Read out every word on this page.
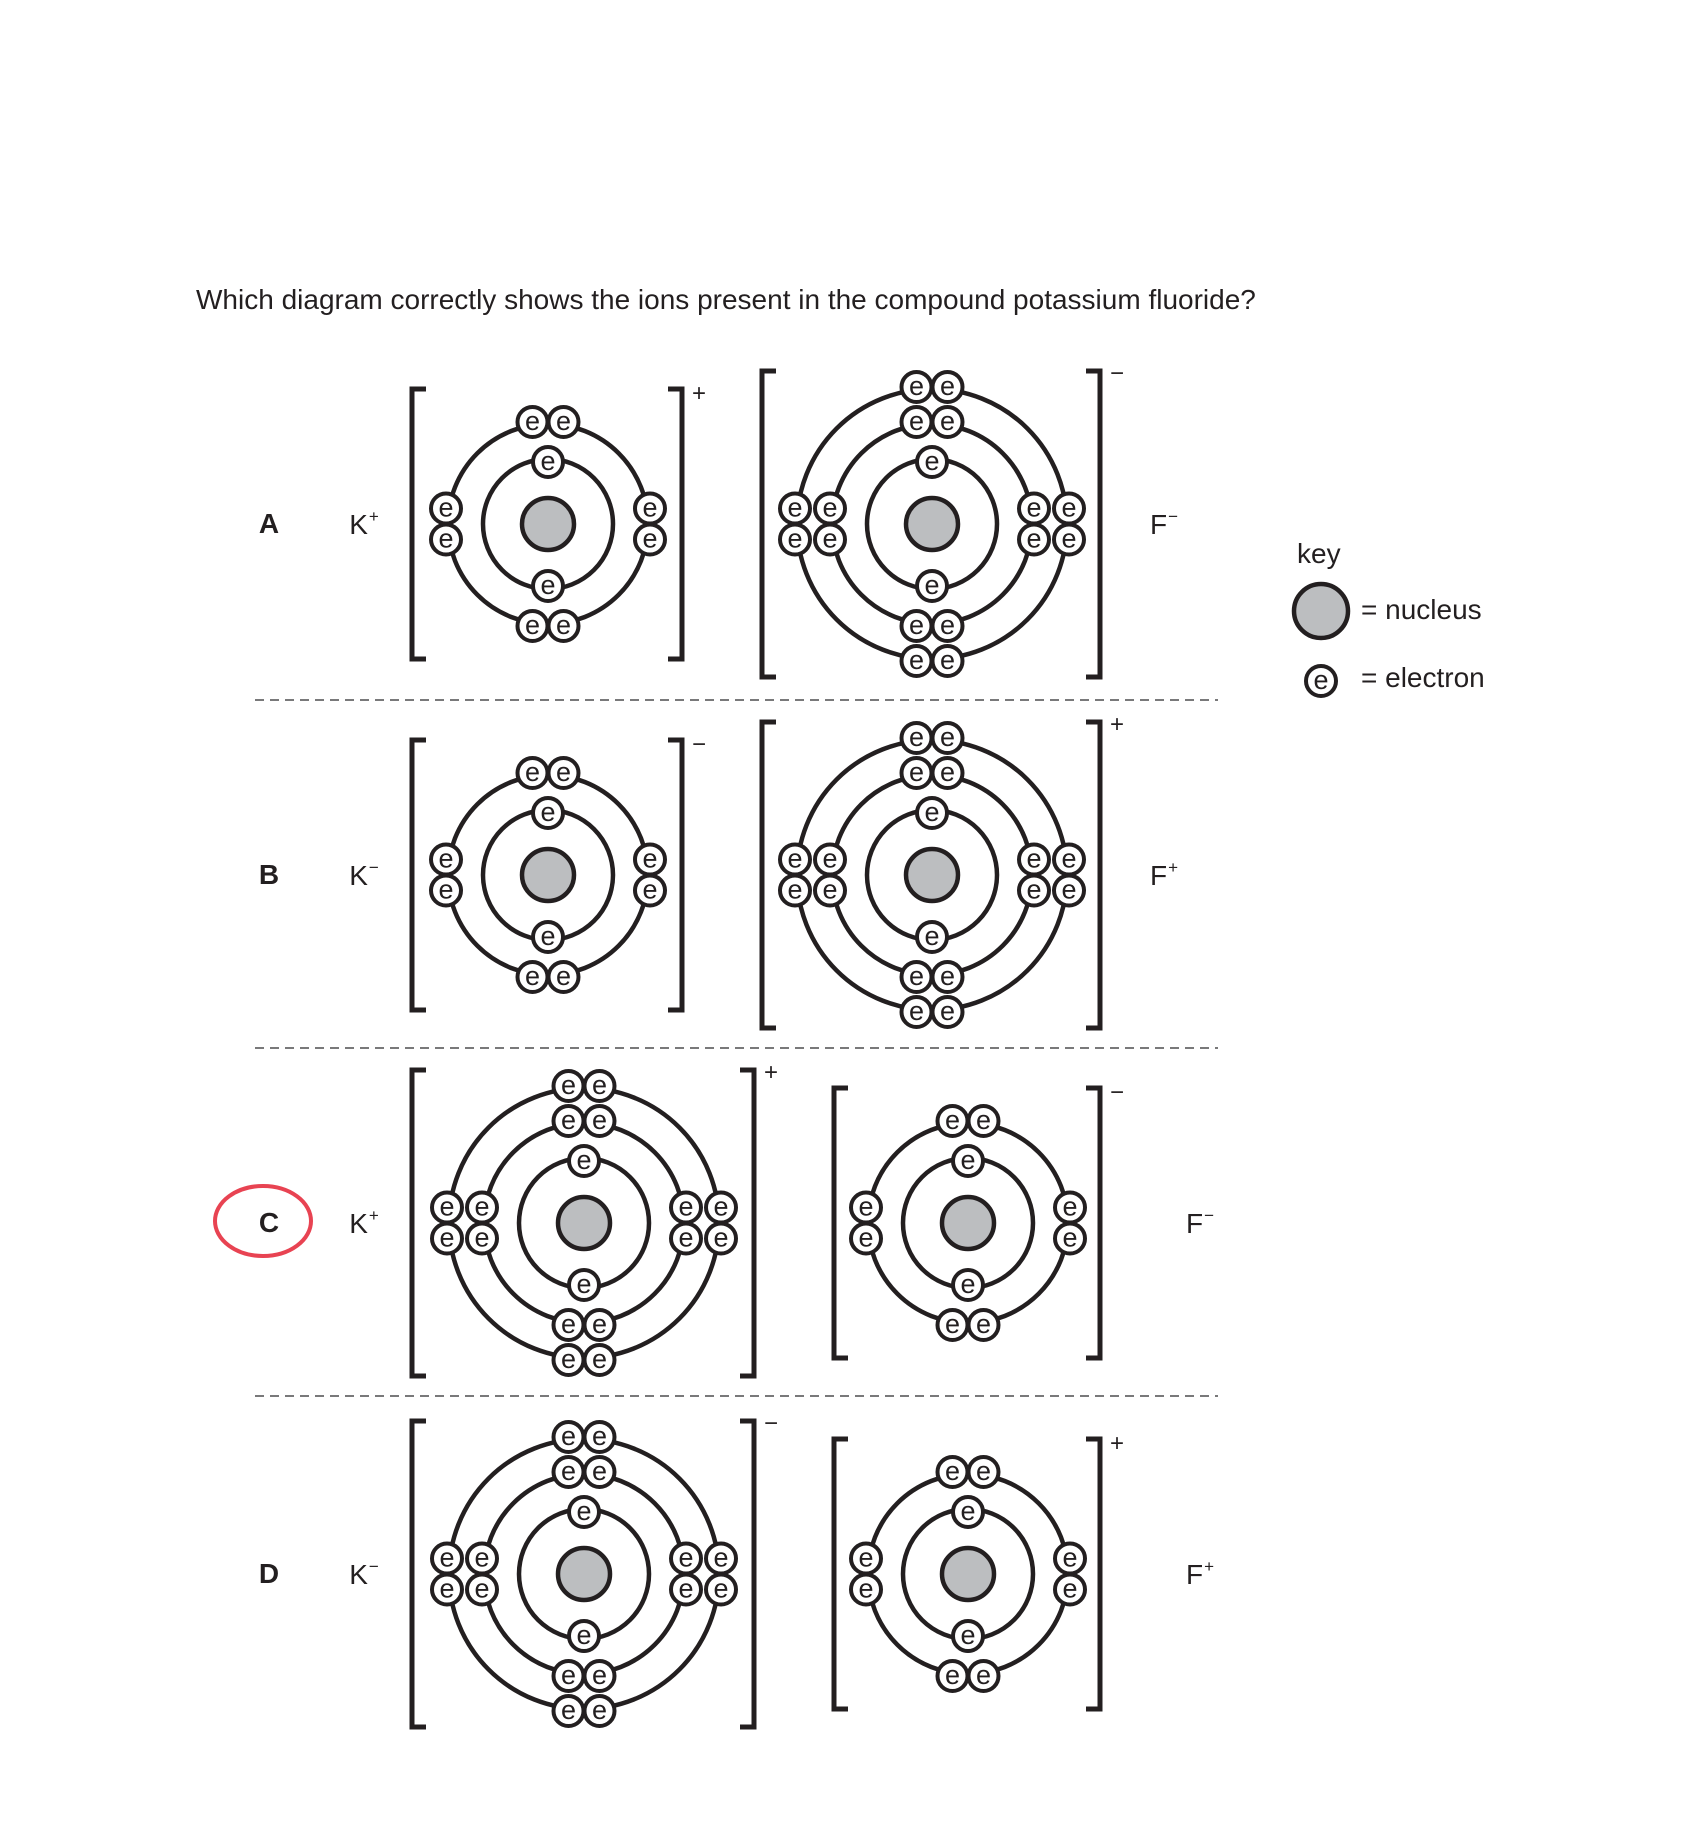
Which diagram correctly shows the ions present in the compound potassium fluoride?
A
B
C
D
K+
K−
K+
K−
F−
F+
F−
F+
key
= nucleus
= electron
e
e
e
e e
e e
e
e
e
e
+
e
e
e e
e e
e
e
e
e
e e
e e
e
e
e
e
−
e
e
e e
e e
e
e
e
e
−
e
e
e e
e e
e
e
e
e
e e
e e
e
e
e
e
+
e
e
e e
e e
e
e
e
e
e e
e e
e
e
e
e
+
e
e
e e
e e
e
e
e
e
−
e
e
e e
e e
e
e
e
e
e e
e e
e
e
e
e
−
e
e
e e
e e
e
e
e
e
+
